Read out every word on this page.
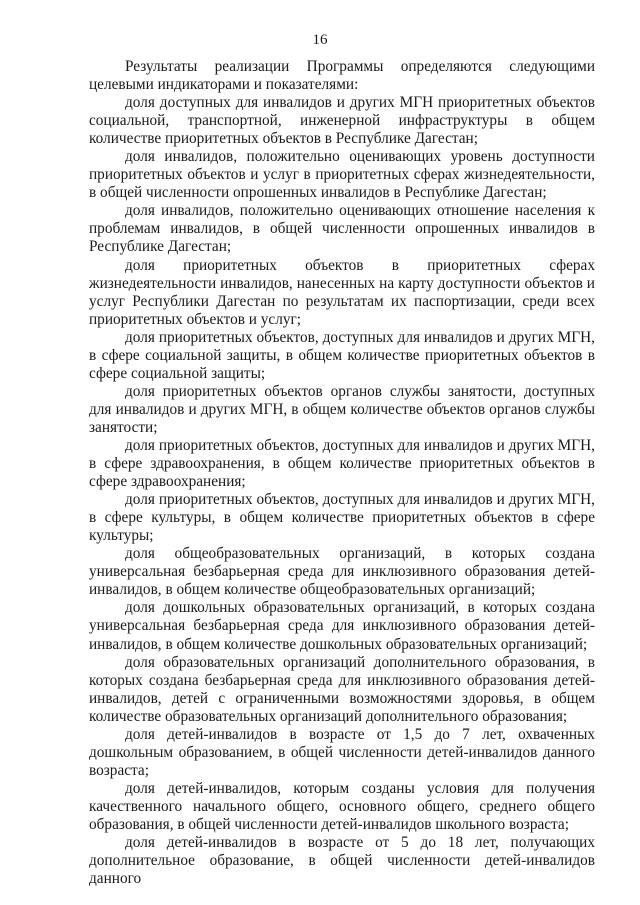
16

Результаты реализации Программы определяются следующими целевыми индикаторами и показателями:

доля доступных для инвалидов и других МГН приоритетных объектов социальной, транспортной, инженерной инфраструктуры в общем количестве приоритетных объектов в Республике Дагестан;

доля инвалидов, положительно оценивающих уровень доступности приоритетных объектов и услуг в приоритетных сферах жизнедеятельности, в общей численности опрошенных инвалидов в Республике Дагестан;

доля инвалидов, положительно оценивающих отношение населения к проблемам инвалидов, в общей численности опрошенных инвалидов в Республике Дагестан;

доля приоритетных объектов в приоритетных сферах жизнедеятельности инвалидов, нанесенных на карту доступности объектов и услуг Республики Дагестан по результатам их паспортизации, среди всех приоритетных объектов и услуг;

доля приоритетных объектов, доступных для инвалидов и других МГН, в сфере социальной защиты, в общем количестве приоритетных объектов в сфере социальной защиты;

доля приоритетных объектов органов службы занятости, доступных для инвалидов и других МГН, в общем количестве объектов органов службы занятости;

доля приоритетных объектов, доступных для инвалидов и других МГН, в сфере здравоохранения, в общем количестве приоритетных объектов в сфере здравоохранения;

доля приоритетных объектов, доступных для инвалидов и других МГН, в сфере культуры, в общем количестве приоритетных объектов в сфере культуры;

доля общеобразовательных организаций, в которых создана универсальная безбарьерная среда для инклюзивного образования детей-инвалидов, в общем количестве общеобразовательных организаций;

доля дошкольных образовательных организаций, в которых создана универсальная безбарьерная среда для инклюзивного образования детей-инвалидов, в общем количестве дошкольных образовательных организаций;

доля образовательных организаций дополнительного образования, в которых создана безбарьерная среда для инклюзивного образования детей-инвалидов, детей с ограниченными возможностями здоровья, в общем количестве образовательных организаций дополнительного образования;

доля детей-инвалидов в возрасте от 1,5 до 7 лет, охваченных дошкольным образованием, в общей численности детей-инвалидов данного возраста;

доля детей-инвалидов, которым созданы условия для получения качественного начального общего, основного общего, среднего общего образования, в общей численности детей-инвалидов школьного возраста;

доля детей-инвалидов в возрасте от 5 до 18 лет, получающих дополнительное образование, в общей численности детей-инвалидов данного
